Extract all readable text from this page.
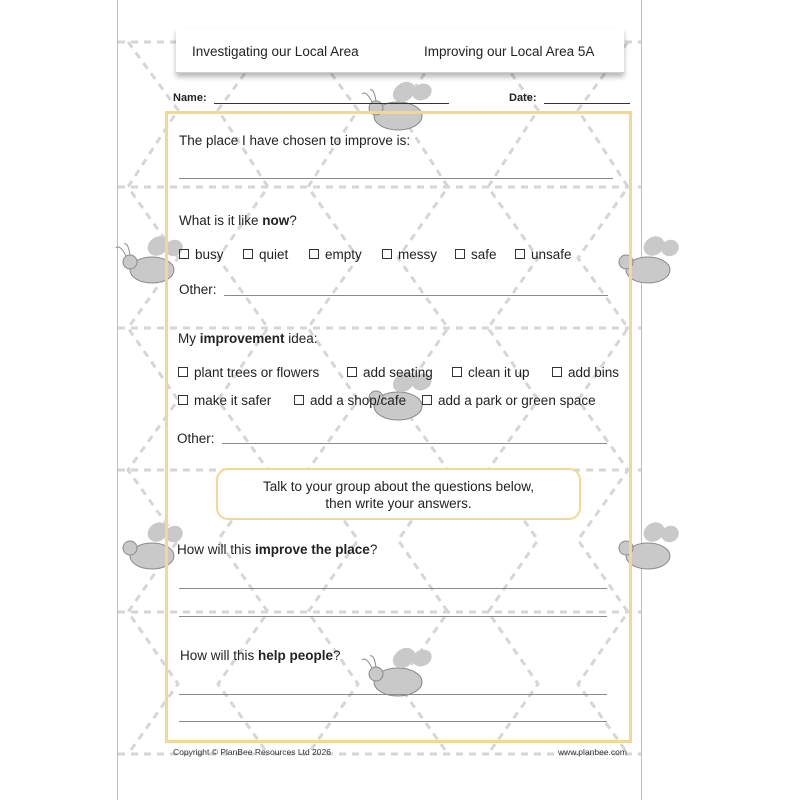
Investigating our Local Area	Improving our Local Area 5A
Name:	Date:
The place I have chosen to improve is:
What is it like now?
busy	quiet	empty	messy	safe	unsafe
Other:
My improvement idea:
plant trees or flowers	add seating	clean it up	add bins
make it safer	add a shop/cafe	add a park or green space
Other:
Talk to your group about the questions below,
then write your answers.
How will this improve the place?
How will this help people?
Copyright © PlanBee Resources Ltd 2026	www.planbee.com
